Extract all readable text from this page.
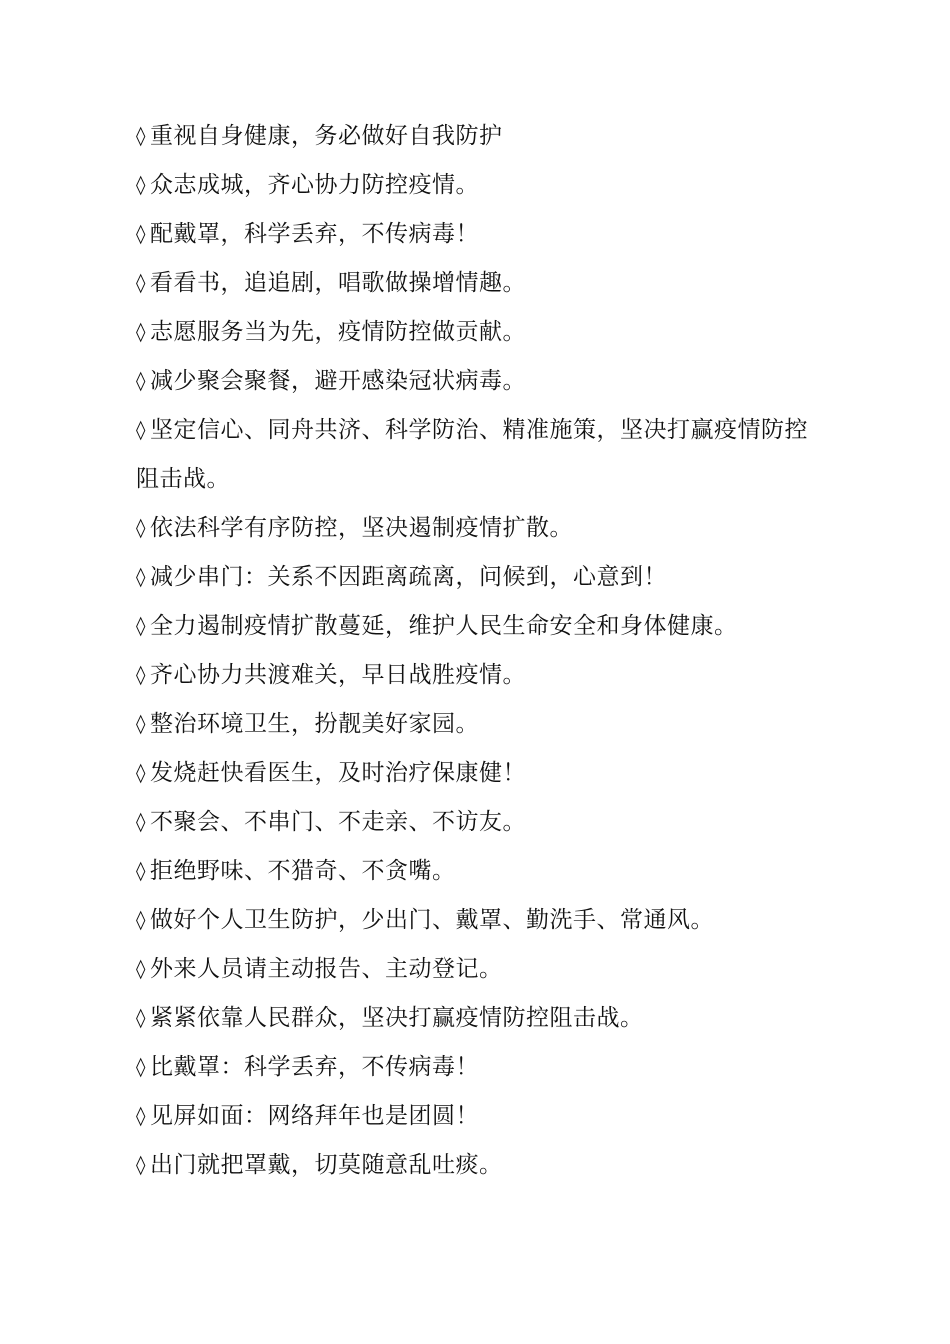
◊ 重视自身健康，务必做好自我防护
◊ 众志成城，齐心协力防控疫情。
◊ 配戴罩，科学丢弃，不传病毒！
◊ 看看书，追追剧，唱歌做操增情趣。
◊ 志愿服务当为先，疫情防控做贡献。
◊ 减少聚会聚餐，避开感染冠状病毒。
◊ 坚定信心、同舟共济、科学防治、精准施策，坚决打赢疫情防控阻击战。
◊ 依法科学有序防控，坚决遏制疫情扩散。
◊ 减少串门：关系不因距离疏离，问候到，心意到！
◊ 全力遏制疫情扩散蔓延，维护人民生命安全和身体健康。
◊ 齐心协力共渡难关，早日战胜疫情。
◊ 整治环境卫生，扮靓美好家园。
◊ 发烧赶快看医生，及时治疗保康健！
◊ 不聚会、不串门、不走亲、不访友。
◊ 拒绝野味、不猎奇、不贪嘴。
◊ 做好个人卫生防护，少出门、戴罩、勤洗手、常通风。
◊ 外来人员请主动报告、主动登记。
◊ 紧紧依靠人民群众，坚决打赢疫情防控阻击战。
◊ 比戴罩：科学丢弃，不传病毒！
◊ 见屏如面：网络拜年也是团圆！
◊ 出门就把罩戴，切莫随意乱吐痰。
